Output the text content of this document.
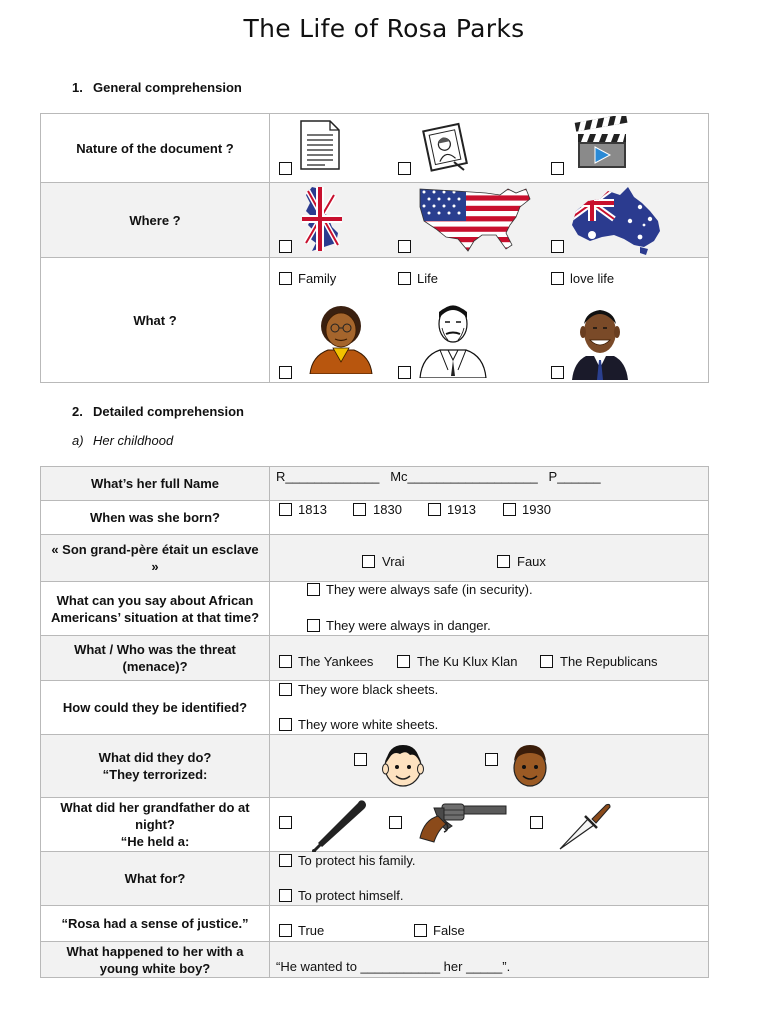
The Life of Rosa Parks
1. General comprehension
Nature of the document ?	

Where ?	

What ?	Family Life love life
2. Detailed comprehension
a) Her childhood
What’s her full Name	R_____________   Mc__________________   P______

When was she born?	1813 1830 1913 1930

« Son grand-père était un esclave »	Vrai Faux

What can you say about African Americans’ situation at that time?	They were always safe (in security).
They were always in danger.

What / Who was the threat (menace)?	The Yankees The Ku Klux Klan The Republicans

How could they be identified?	They wore black sheets.
They wore white sheets.

What did they do?
“They terrorized:	

What did her grandfather do at night?
“He held a:	

What for?	To protect his family.
To protect himself.

“Rosa had a sense of justice.”	True False

What happened to her with a young white boy?	“He wanted to ___________ her _____”.
